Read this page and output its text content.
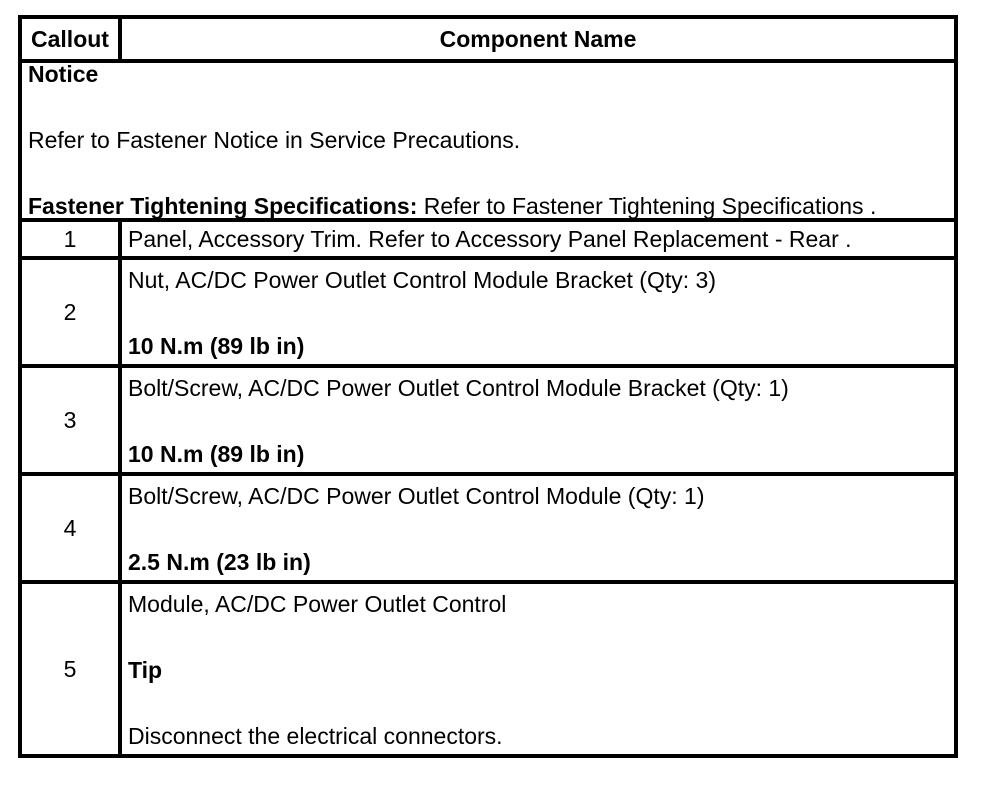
Callout	Component Name

Notice

Refer to Fastener Notice in Service Precautions.

Fastener Tightening Specifications: Refer to Fastener Tightening Specifications .	

1	Panel, Accessory Trim. Refer to Accessory Panel Replacement - Rear .
2	Nut, AC/DC Power Outlet Control Module Bracket (Qty: 3)

10 N.m (89 lb in)

3	Bolt/Screw, AC/DC Power Outlet Control Module Bracket (Qty: 1)

10 N.m (89 lb in)

4	Bolt/Screw, AC/DC Power Outlet Control Module (Qty: 1)

2.5 N.m (23 lb in)

5	Module, AC/DC Power Outlet Control

Tip

Disconnect the electrical connectors.
